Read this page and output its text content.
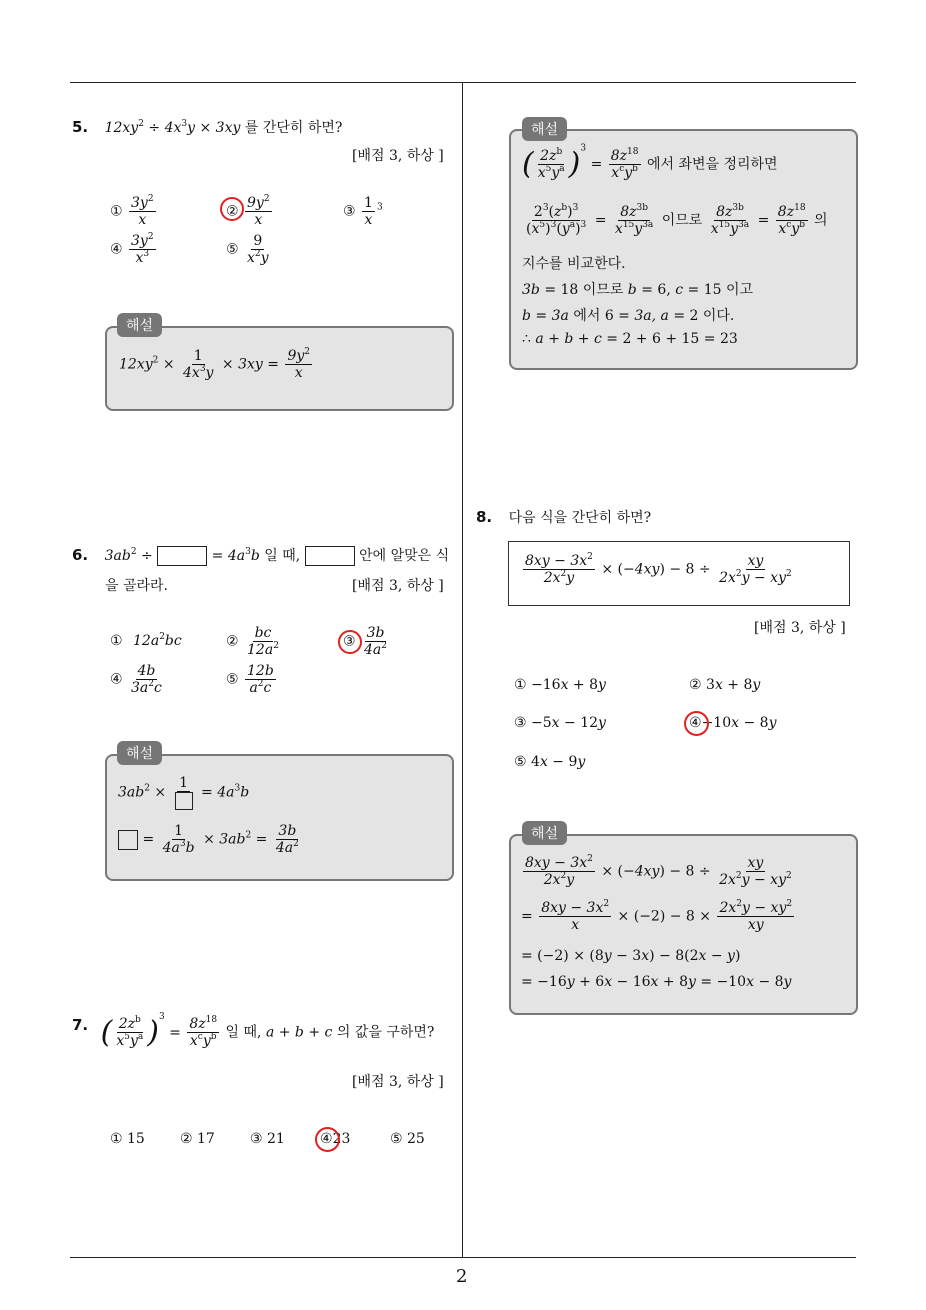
5. $12xy^2 \div 4x^3y \times 3xy$ 를 간단히 하면?
[배점 3, 하상 ]
① $\frac{3y^2}{x}$	② $\frac{9y^2}{x}$	③ $\frac{1}{x} ^3$
④ $\frac{3y^2}{x^3}$	⑤ $\frac{9}{x^2y}$
해설
$12xy^2 \times \frac{1}{4x^3y} \times 3xy = \frac{9y^2}{x}$
6. $3ab^2$ ÷	= $4a^3b$ 일 때,	안에 알맞은 식
을 골라라.	[배점 3, 하상 ]
① $12a^2bc$	② $\frac{bc}{12a^2}$	③ $\frac{3b}{4a^2}$
④ $\frac{4b}{3a^2c}$	⑤ $\frac{12b}{a^2c}$
해설
$3ab^2$ ×
1
= $4a^3b$
= $\frac{1}{4a^3b} \times 3ab^2 = \frac{3b}{4a^2}$
7. ( $\frac{2z^b}{x^5y^a} )^3 = \frac{8z^{18}}{x^cy^b}$ 일 때, a + b + c 의 값을 구하면?
[배점 3, 하상 ]
① 15	② 17	③ 21	④23	⑤ 25
해설
( $\frac{2z^b}{x^5y^a} )^3 = \frac{8z^{18}}{x^cy^b}$ 에서 좌변을 정리하면
$\frac{2^3(z^b)^3}{(x^5)^3(y^a)^3} = \frac{8z^{3b}}{x^{15}y^{3a}}$ 이므로 $\frac{8z^{3b}}{x^{15}y^{3a}} = \frac{8z^{18}}{x^cy^b}$ 의
지수를 비교한다.
3b = 18 이므로 b = 6, c = 15 이고
b = 3a 에서 6 = 3a, a = 2 이다.
∴ a + b + c = 2 + 6 + 15 = 23
8. 다음 식을 간단히 하면?
$\frac{8xy - 3x^2}{2x^2y} \times (-4xy) - 8 \div \frac{xy}{2x^2y - xy^2}$
[배점 3, 하상 ]
① −16x + 8y	② 3x + 8y
③ −5x − 12y	④−10x − 8y
⑤ 4x − 9y
해설
$\frac{8xy - 3x^2}{2x^2y} \times (-4xy) - 8 \div \frac{xy}{2x^2y - xy^2}$
= $\frac{8xy - 3x^2}{x} \times (-2) - 8 \times \frac{2x^2y - xy^2}{xy}$
= (−2) × (8y − 3x) − 8(2x − y)
= −16y + 6x − 16x + 8y = −10x − 8y
2
